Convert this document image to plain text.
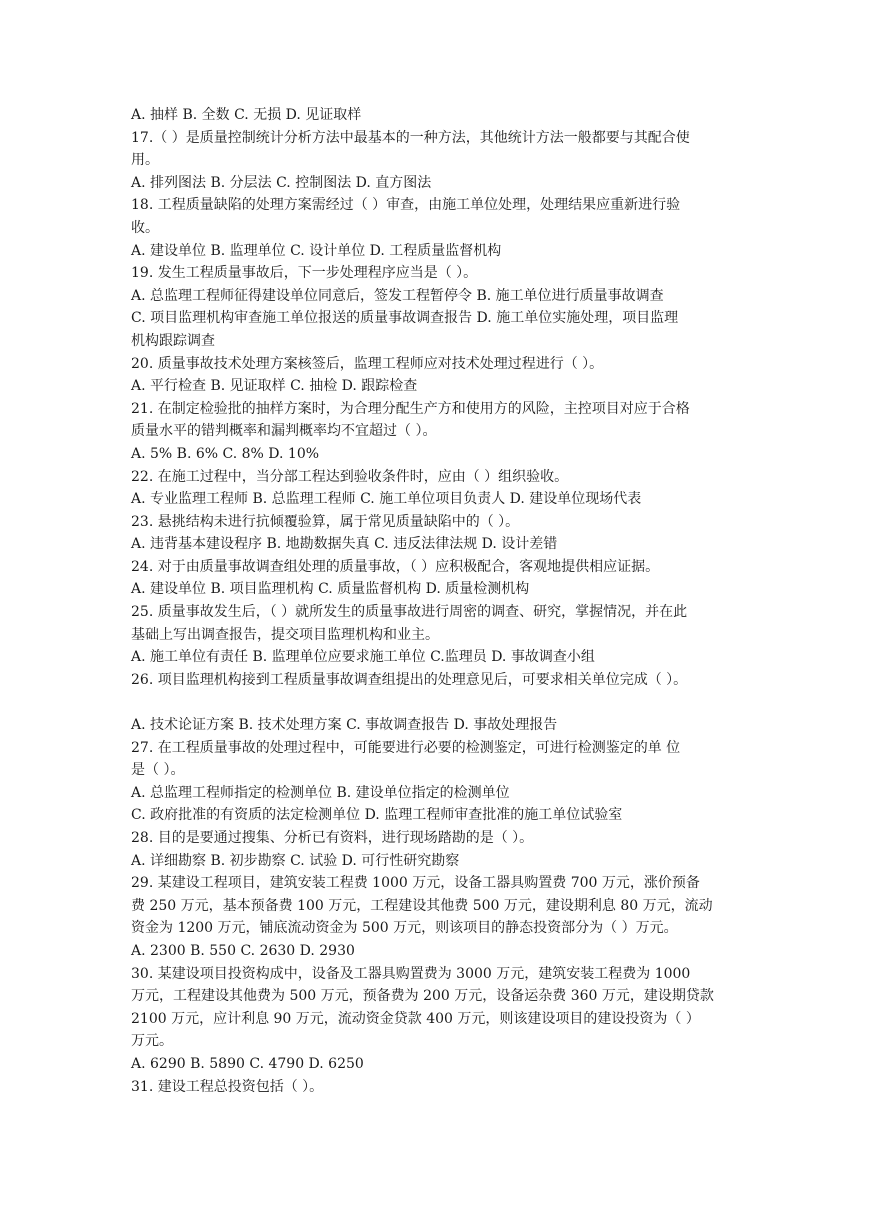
A. 抽样 B. 全数 C. 无损 D. 见证取样
17.（ ）是质量控制统计分析方法中最基本的一种方法，其他统计方法一般都要与其配合使
用。
A. 排列图法 B. 分层法 C. 控制图法 D. 直方图法
18. 工程质量缺陷的处理方案需经过（ ）审查，由施工单位处理，处理结果应重新进行验
收。
A. 建设单位 B. 监理单位 C. 设计单位 D. 工程质量监督机构
19. 发生工程质量事故后，下一步处理程序应当是（ ）。
A. 总监理工程师征得建设单位同意后，签发工程暂停令 B. 施工单位进行质量事故调查
C. 项目监理机构审查施工单位报送的质量事故调查报告 D. 施工单位实施处理，项目监理
机构跟踪调查
20. 质量事故技术处理方案核签后，监理工程师应对技术处理过程进行（ ）。
A. 平行检查 B. 见证取样 C. 抽检 D. 跟踪检查
21. 在制定检验批的抽样方案时，为合理分配生产方和使用方的风险，主控项目对应于合格
质量水平的错判概率和漏判概率均不宜超过（ ）。
A. 5% B. 6% C. 8% D. 10%
22. 在施工过程中，当分部工程达到验收条件时，应由（ ）组织验收。
A. 专业监理工程师 B. 总监理工程师 C. 施工单位项目负责人 D. 建设单位现场代表
23. 悬挑结构未进行抗倾覆验算，属于常见质量缺陷中的（ ）。
A. 违背基本建设程序 B. 地勘数据失真 C. 违反法律法规 D. 设计差错
24. 对于由质量事故调查组处理的质量事故，（ ）应积极配合，客观地提供相应证据。
A. 建设单位 B. 项目监理机构 C. 质量监督机构 D. 质量检测机构
25. 质量事故发生后，（ ）就所发生的质量事故进行周密的调查、研究，掌握情况，并在此
基础上写出调查报告，提交项目监理机构和业主。
A. 施工单位有责任 B. 监理单位应要求施工单位 C.监理员 D. 事故调查小组
26. 项目监理机构接到工程质量事故调查组提出的处理意见后，可要求相关单位完成（ ）。
A. 技术论证方案 B. 技术处理方案 C. 事故调查报告 D. 事故处理报告
27. 在工程质量事故的处理过程中，可能要进行必要的检测鉴定，可进行检测鉴定的单 位
是（ ）。
A. 总监理工程师指定的检测单位 B. 建设单位指定的检测单位
C. 政府批准的有资质的法定检测单位 D. 监理工程师审查批准的施工单位试验室
28. 目的是要通过搜集、分析已有资料，进行现场踏勘的是（ ）。
A. 详细勘察 B. 初步勘察 C. 试验 D. 可行性研究勘察
29. 某建设工程项目，建筑安装工程费 1000 万元，设备工器具购置费 700 万元，涨价预备
费 250 万元，基本预备费 100 万元，工程建设其他费 500 万元，建设期利息 80 万元，流动
资金为 1200 万元，铺底流动资金为 500 万元，则该项目的静态投资部分为（ ）万元。
A. 2300 B. 550 C. 2630 D. 2930
30. 某建设项目投资构成中，设备及工器具购置费为 3000 万元，建筑安装工程费为 1000
万元，工程建设其他费为 500 万元，预备费为 200 万元，设备运杂费 360 万元，建设期贷款
2100 万元，应计利息 90 万元，流动资金贷款 400 万元，则该建设项目的建设投资为（ ）
万元。
A. 6290 B. 5890 C. 4790 D. 6250
31. 建设工程总投资包括（ ）。
